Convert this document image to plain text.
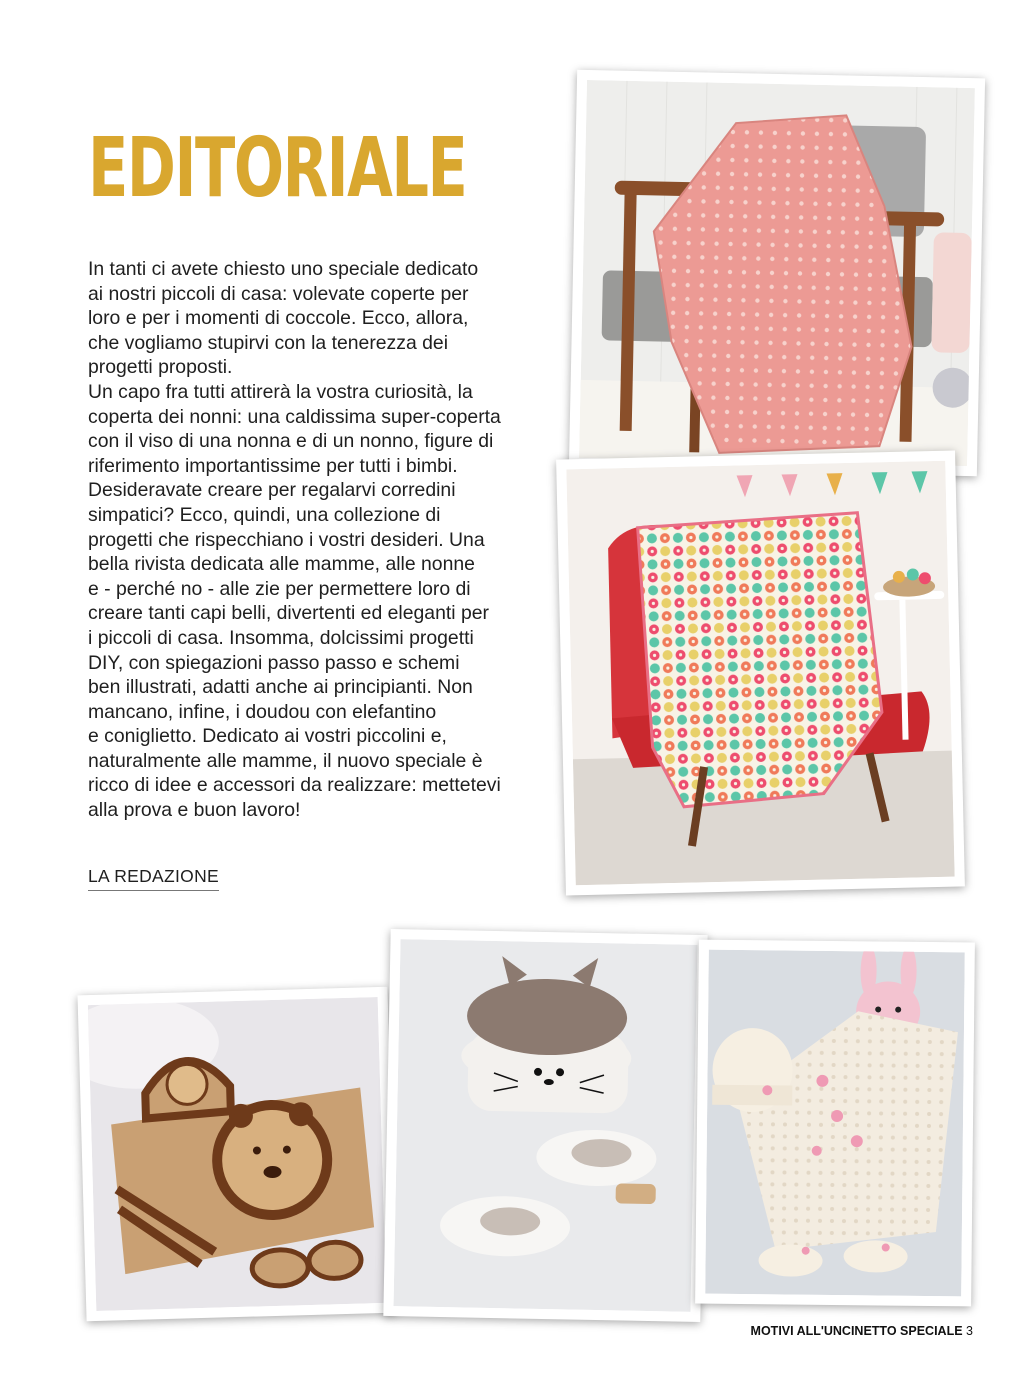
EDITORIALE

In tanti ci avete chiesto uno speciale dedicato
ai nostri piccoli di casa: volevate coperte per
loro e per i momenti di coccole. Ecco, allora,
che vogliamo stupirvi con la tenerezza dei
progetti proposti.
Un capo fra tutti attirerà la vostra curiosità, la
coperta dei nonni: una caldissima super-coperta
con il viso di una nonna e di un nonno, figure di
riferimento importantissime per tutti i bimbi.
Desideravate creare per regalarvi corredini
simpatici? Ecco, quindi, una collezione di
progetti che rispecchiano i vostri desideri. Una
bella rivista dedicata alle mamme, alle nonne
e - perché no - alle zie per permettere loro di
creare tanti capi belli, divertenti ed eleganti per
i piccoli di casa. Insomma, dolcissimi progetti
DIY, con spiegazioni passo passo e schemi
ben illustrati, adatti anche ai principianti. Non
mancano, infine, i doudou con elefantino
e coniglietto. Dedicato ai vostri piccolini e,
naturalmente alle mamme, il nuovo speciale è
ricco di idee e accessori da realizzare: mettetevi
alla prova e buon lavoro!

LA REDAZIONE

MOTIVI ALL'UNCINETTO SPECIALE 3
